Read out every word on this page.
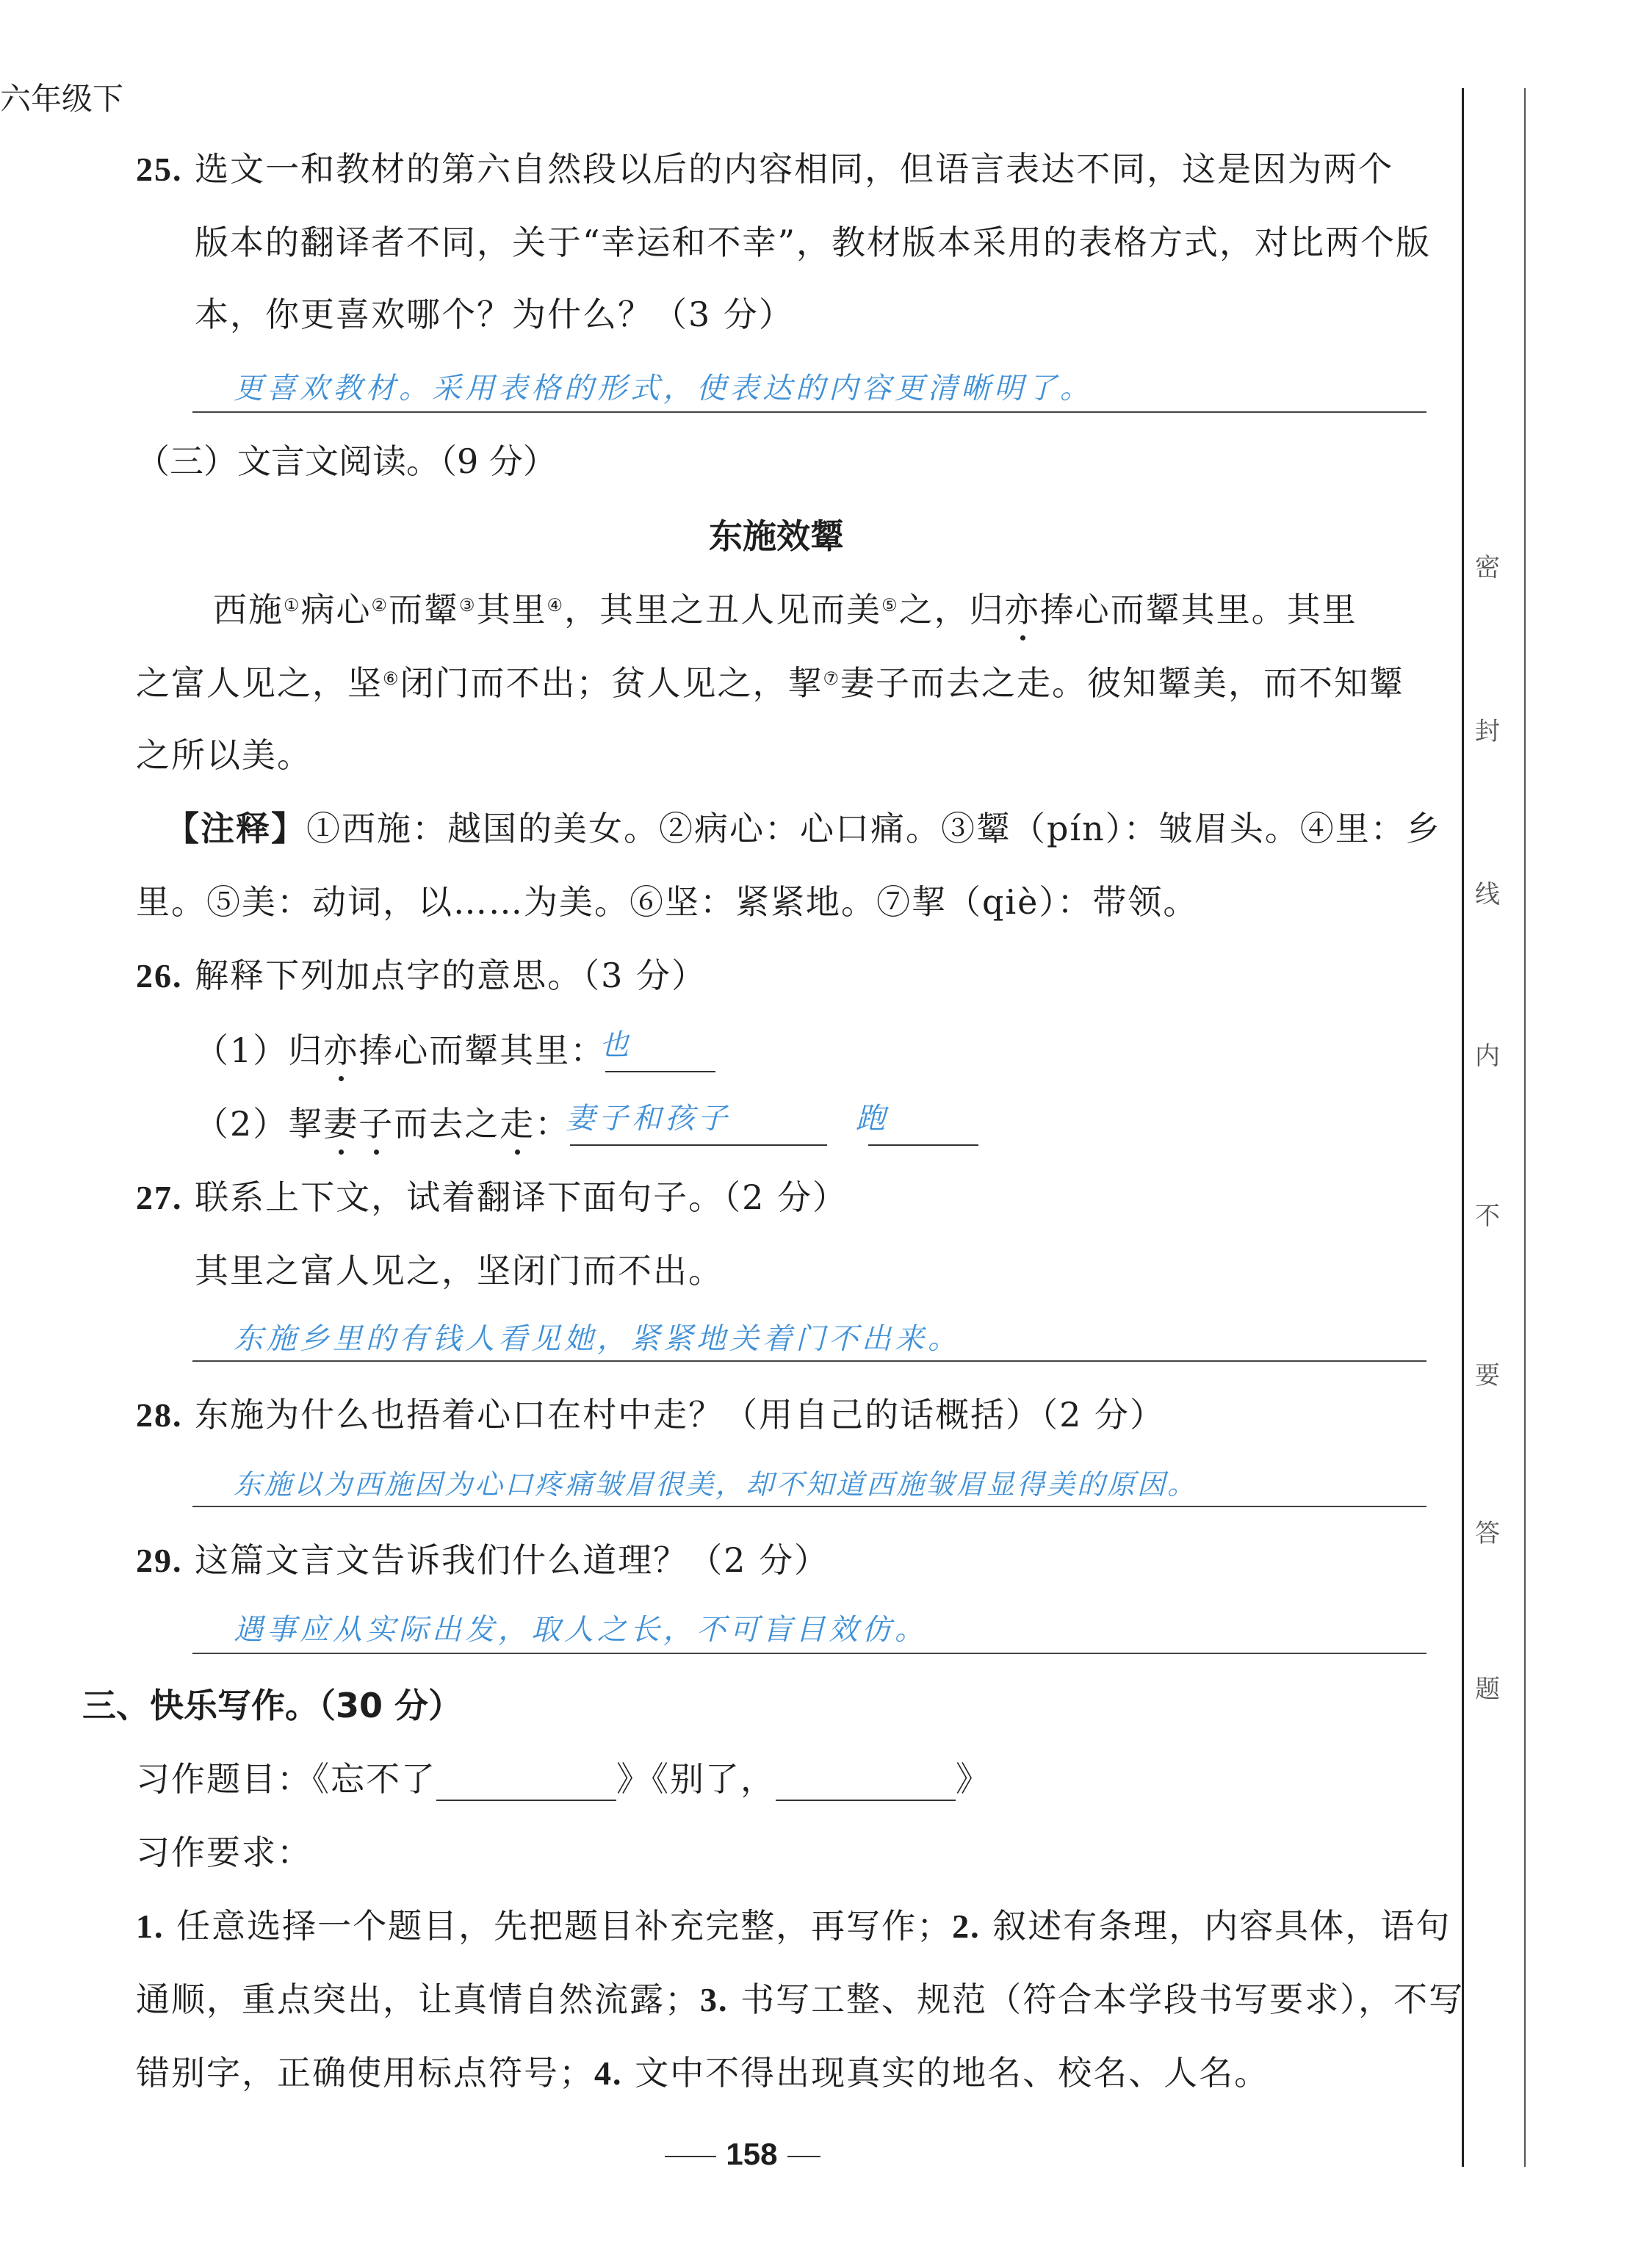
六年级下
25. 选文一和教材的第六自然段以后的内容相同，但语言表达不同，这是因为两个
版本的翻译者不同，关于“幸运和不幸”，教材版本采用的表格方式，对比两个版
本，你更喜欢哪个？为什么？（3 分）
更喜欢教材。采用表格的形式，使表达的内容更清晰明了。
（三）文言文阅读。（9 分）
东施效颦
西施①病心②而颦③其里④，其里之丑人见而美⑤之，归亦捧心而颦其里。其里
之富人见之，坚⑥闭门而不出；贫人见之，挈⑦妻子而去之走。彼知颦美，而不知颦
之所以美。
【注释】①西施：越国的美女。②病心：心口痛。③颦（pín）：皱眉头。④里：乡
里。⑤美：动词，以……为美。⑥坚：紧紧地。⑦挈（qiè）：带领。
26. 解释下列加点字的意思。（3 分）
（1）归亦捧心而颦其里：
（2）挈妻子而去之走：
也
妻子和孩子	跑
27. 联系上下文，试着翻译下面句子。（2 分）
其里之富人见之，坚闭门而不出。
东施乡里的有钱人看见她，紧紧地关着门不出来。
28. 东施为什么也捂着心口在村中走？（用自己的话概括）（2 分）
东施以为西施因为心口疼痛皱眉很美，却不知道西施皱眉显得美的原因。
29. 这篇文言文告诉我们什么道理？（2 分）
遇事应从实际出发，取人之长，不可盲目效仿。
三、快乐写作。（30 分）
习作题目：《忘不了	》《别了，	》
习作要求：
1. 任意选择一个题目，先把题目补充完整，再写作；2. 叙述有条理，内容具体，语句
通顺，重点突出，让真情自然流露；3. 书写工整、规范（符合本学段书写要求），不写
错别字，正确使用标点符号；4. 文中不得出现真实的地名、校名、人名。
158
密
封
线
内
不
要
答
题
